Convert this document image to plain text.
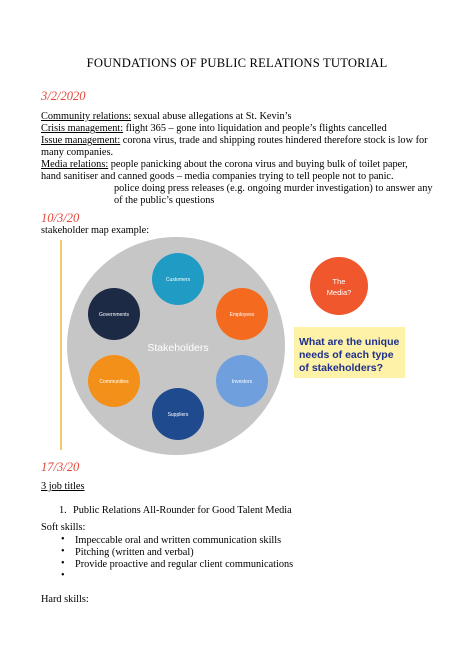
FOUNDATIONS OF PUBLIC RELATIONS TUTORIAL
3/2/2020
Community relations: sexual abuse allegations at St. Kevin’s
Crisis management: flight 365 – gone into liquidation and people’s flights cancelled
Issue management: corona virus, trade and shipping routes hindered therefore stock is low for
many companies.
Media relations: people panicking about the corona virus and buying bulk of toilet paper,
hand sanitiser and canned goods – media companies trying to tell people not to panic.
police doing press releases (e.g. ongoing murder investigation) to answer any
of the public’s questions
10/3/20
stakeholder map example:
Stakeholders
Customers
Employees
Investors
Suppliers
Communities
Governments
The
Media?
What are the unique
needs of each type
of stakeholders?
17/3/20
3 job titles
1. Public Relations All-Rounder for Good Talent Media
Soft skills:
• Impeccable oral and written communication skills
• Pitching (written and verbal)
• Provide proactive and regular client communications
•
Hard skills:
